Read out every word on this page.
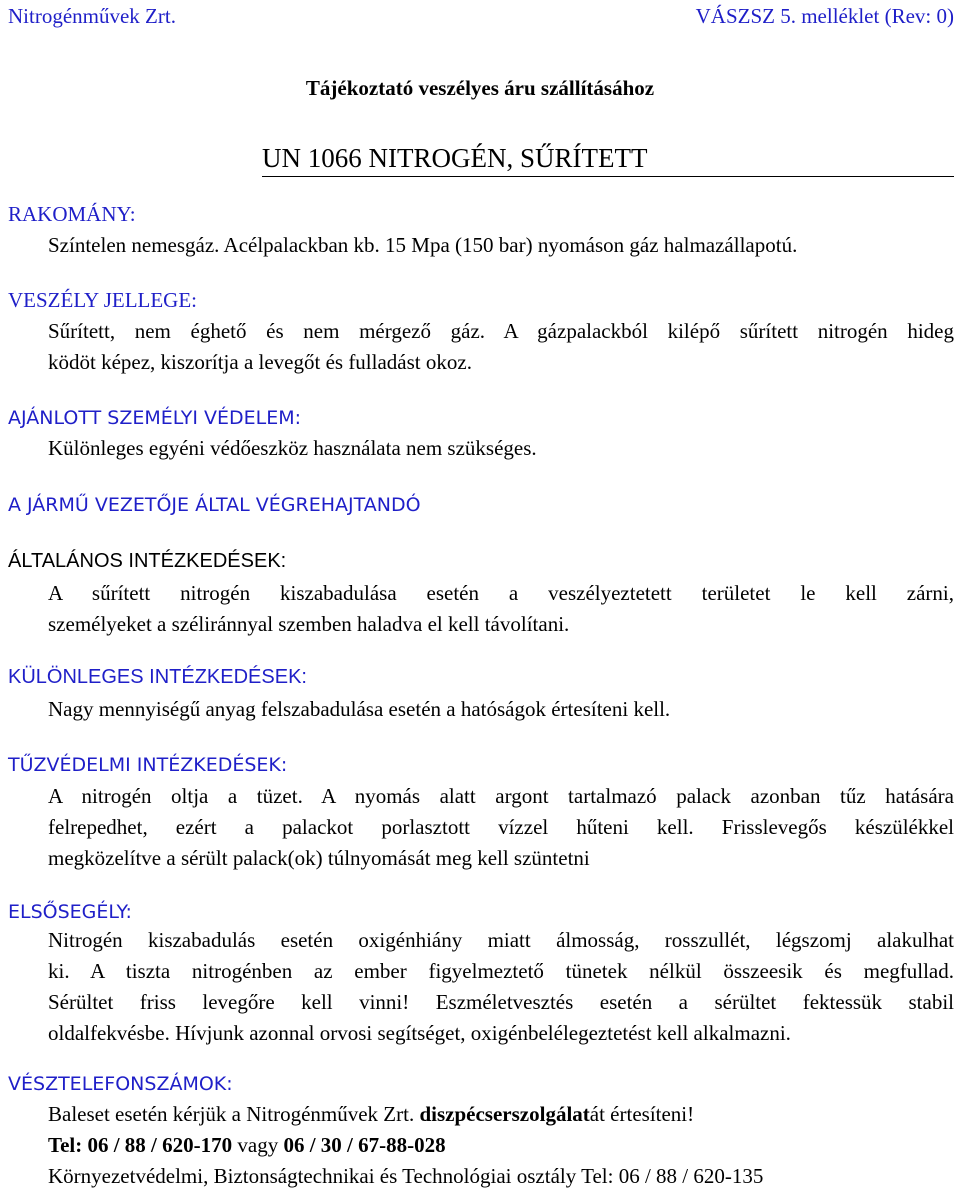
Nitrogénművek Zrt.	VÁSZSZ 5. melléklet (Rev: 0)
Tájékoztató veszélyes áru szállításához
UN 1066 NITROGÉN, SŰRÍTETT
RAKOMÁNY:
Színtelen nemesgáz. Acélpalackban kb. 15 Mpa (150 bar) nyomáson gáz halmazállapotú.
VESZÉLY JELLEGE:
Sűrített, nem éghető és nem mérgező gáz. A gázpalackból kilépő sűrített nitrogén hideg
ködöt képez, kiszorítja a levegőt és fulladást okoz.
AJÁNLOTT SZEMÉLYI VÉDELEM:
Különleges egyéni védőeszköz használata nem szükséges.
A JÁRMŰ VEZETŐJE ÁLTAL VÉGREHAJTANDÓ
ÁLTALÁNOS INTÉZKEDÉSEK:
A sűrített nitrogén kiszabadulása esetén a veszélyeztetett területet le kell zárni,
személyeket a széliránnyal szemben haladva el kell távolítani.
KÜLÖNLEGES INTÉZKEDÉSEK:
Nagy mennyiségű anyag felszabadulása esetén a hatóságok értesíteni kell.
TŰZVÉDELMI INTÉZKEDÉSEK:
A nitrogén oltja a tüzet. A nyomás alatt argont tartalmazó palack azonban tűz hatására
felrepedhet, ezért a palackot porlasztott vízzel hűteni kell. Frisslevegős készülékkel
megközelítve a sérült palack(ok) túlnyomását meg kell szüntetni
ELSŐSEGÉLY:
Nitrogén kiszabadulás esetén oxigénhiány miatt álmosság, rosszullét, légszomj alakulhat
ki. A tiszta nitrogénben az ember figyelmeztető tünetek nélkül összeesik és megfullad.
Sérültet friss levegőre kell vinni! Eszméletvesztés esetén a sérültet fektessük stabil
oldalfekvésbe. Hívjunk azonnal orvosi segítséget, oxigénbelélegeztetést kell alkalmazni.
VÉSZTELEFONSZÁMOK:
Baleset esetén kérjük a Nitrogénművek Zrt. diszpécserszolgálatát értesíteni!
Tel: 06 / 88 / 620-170 vagy 06 / 30 / 67-88-028
Környezetvédelmi, Biztonságtechnikai és Technológiai osztály Tel: 06 / 88 / 620-135
